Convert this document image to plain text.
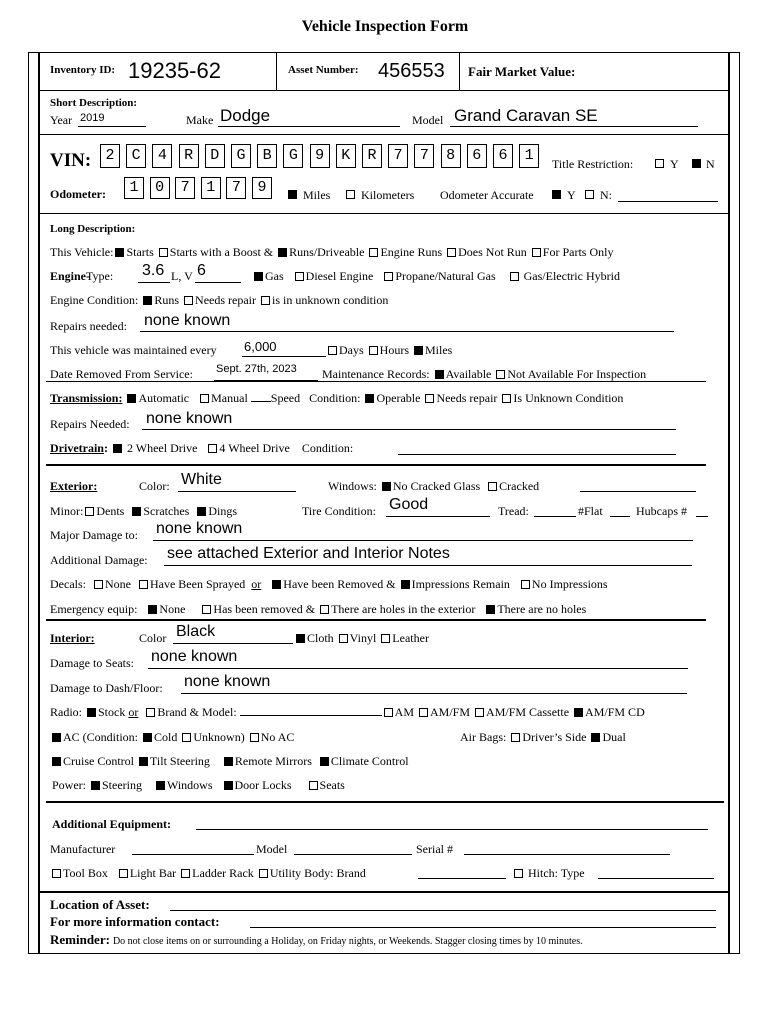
Vehicle Inspection Form
Inventory ID: 19235-62	Asset Number: 456553 Fair Market Value:
Short Description:
Year 2019	Make Dodge	Model Grand Caravan SE
VIN: 2	C	4	R	D	G	B	G	9	K	R	7	7	8	6	6	1	Title Restriction:	Y N
Odometer:	1	0	7	1	7	9	Miles	Kilometers Odometer Accurate	Y N:
Long Description:
This Vehicle: Starts Starts with a Boost & Runs/Driveable Engine Runs Does Not Run For Parts Only
Engine-
Type: 3.6 L, V 6	Gas Diesel Engine Propane/Natural Gas Gas/Electric Hybrid
Engine Condition: Runs Needs repair is in unknown condition
Repairs needed: none known
This vehicle was maintained every 6,000	Days Hours Miles
Date Removed From Service: Sept. 27th, 2023 Maintenance Records: Available Not Available For Inspection
Transmission: Automatic Manual Speed Condition: Operable Needs repair Is Unknown Condition
Repairs Needed: none known
Drivetrain: 2 Wheel Drive 4 Wheel Drive Condition:
Exterior:	Color: White	Windows: No Cracked Glass Cracked
Minor: Dents Scratches Dings	Tire Condition: Good	Tread:	#Flat	Hubcaps #
Major Damage to: none known
Additional Damage: see attached Exterior and Interior Notes
Decals: None Have Been Sprayed or Have been Removed & Impressions Remain No Impressions
Emergency equip: None Has been removed & There are holes in the exterior There are no holes
Interior:	Color Black	Cloth Vinyl Leather
Damage to Seats: none known
Damage to Dash/Floor: none known
Radio: Stock or Brand & Model:	AM AM/FM AM/FM Cassette AM/FM CD
AC (Condition: Cold Unknown) No AC	Air Bags: Driver’s Side Dual
Cruise Control Tilt Steering Remote Mirrors Climate Control
Power: Steering Windows Door Locks Seats
Additional Equipment:
Manufacturer	Model	Serial #
Tool Box Light Bar Ladder Rack Utility Body: Brand	Hitch: Type
Location of Asset:
For more information contact:
Reminder: Do not close items on or surrounding a Holiday, on Friday nights, or Weekends. Stagger closing times by 10 minutes.
